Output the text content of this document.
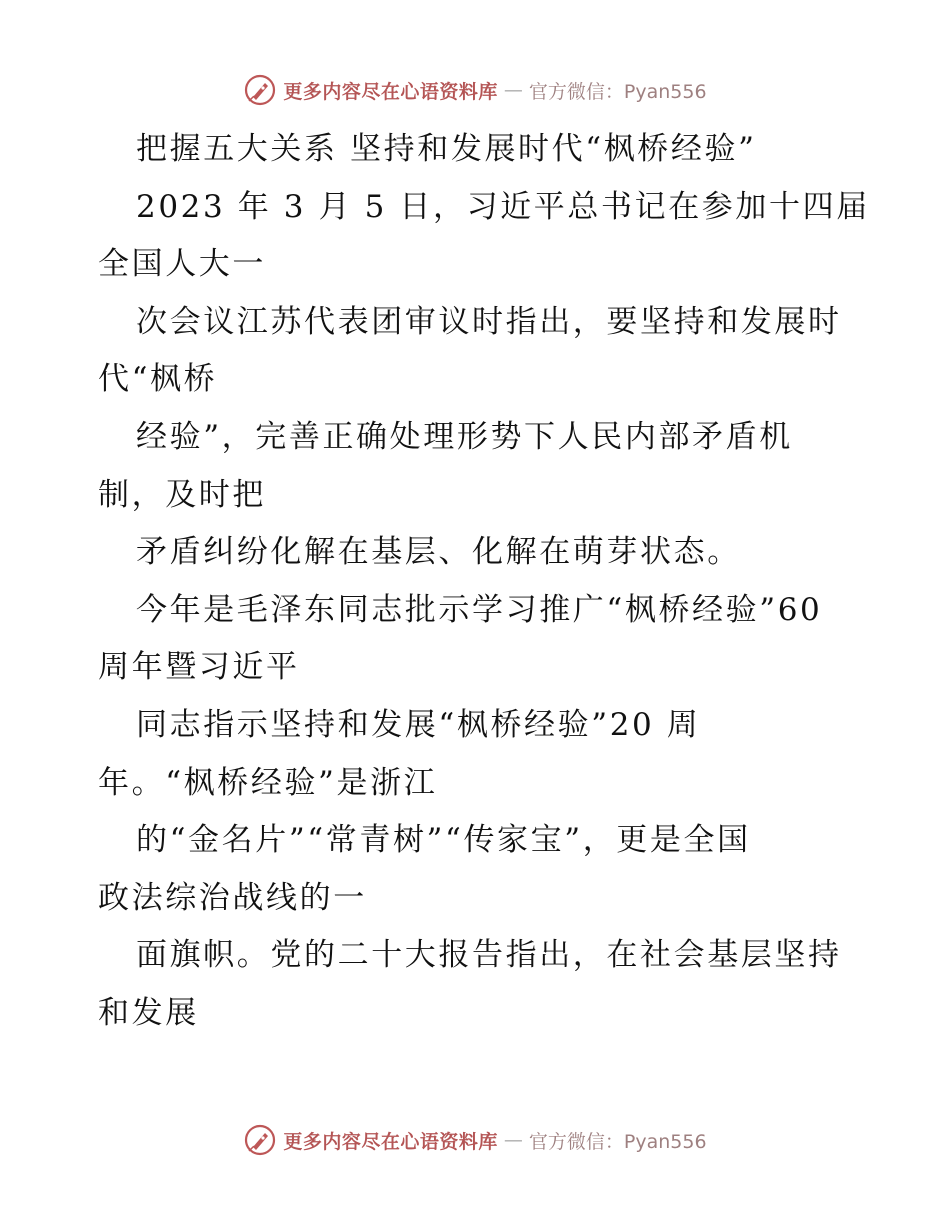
更多内容尽在心语资料库 — 官方微信：Pyan556
把握五大关系 坚持和发展时代“枫桥经验”
2023 年 3 月 5 日，习近平总书记在参加十四届
全国人大一
次会议江苏代表团审议时指出，要坚持和发展时
代“枫桥
经验”，完善正确处理形势下人民内部矛盾机
制，及时把
矛盾纠纷化解在基层、化解在萌芽状态。
今年是毛泽东同志批示学习推广“枫桥经验”60
周年暨习近平
同志指示坚持和发展“枫桥经验”20 周
年。“枫桥经验”是浙江
的“金名片”“常青树”“传家宝”，更是全国
政法综治战线的一
面旗帜。党的二十大报告指出，在社会基层坚持
和发展
更多内容尽在心语资料库 — 官方微信：Pyan556
